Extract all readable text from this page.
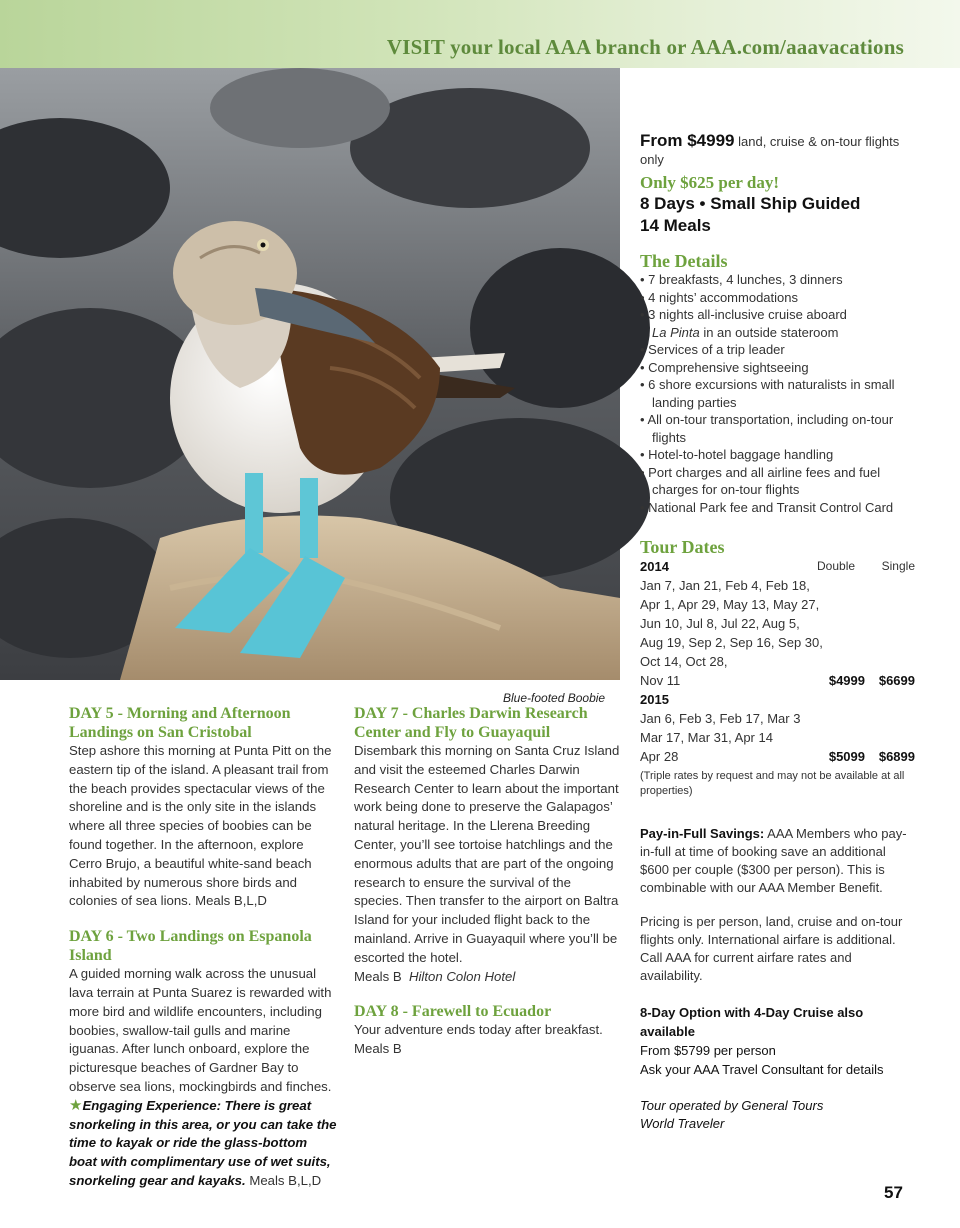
VISIT your local AAA branch or AAA.com/aaavacations
Blue-footed Boobie

DAY 5 - Morning and Afternoon Landings on San Cristobal

Step ashore this morning at Punta Pitt on the eastern tip of the island. A pleasant trail from the beach provides spectacular views of the shoreline and is the only site in the islands where all three species of boobies can be found together. In the afternoon, explore Cerro Brujo, a beautiful white-sand beach inhabited by numerous shore birds and colonies of sea lions. Meals B,L,D

DAY 6 - Two Landings on Espanola Island

A guided morning walk across the unusual lava terrain at Punta Suarez is rewarded with more bird and wildlife encounters, including boobies, swallow-tail gulls and marine iguanas. After lunch onboard, explore the picturesque beaches of Gardner Bay to observe sea lions, mockingbirds and finches. ★Engaging Experience: There is great snorkeling in this area, or you can take the time to kayak or ride the glass-bottom boat with complimentary use of wet suits, snorkeling gear and kayaks. Meals B,L,D

DAY 7 - Charles Darwin Research Center and Fly to Guayaquil

Disembark this morning on Santa Cruz Island and visit the esteemed Charles Darwin Research Center to learn about the important work being done to preserve the Galapagos’ natural heritage. In the Llerena Breeding Center, you’ll see tortoise hatchlings and the enormous adults that are part of the ongoing research to ensure the survival of the species. Then transfer to the airport on Baltra Island for your included flight back to the mainland. Arrive in Guayaquil where you’ll be escorted the hotel.

Meals B Hilton Colon Hotel

DAY 8 - Farewell to Ecuador

Your adventure ends today after breakfast.

Meals B

From $4999 land, cruise & on-tour flights only

Only $625 per day!

8 Days • Small Ship Guided

14 Meals

The Details

• 7 breakfasts, 4 lunches, 3 dinners
• 4 nights’ accommodations
• 3 nights all-inclusive cruise aboard
La Pinta in an outside stateroom
• Services of a trip leader
• Comprehensive sightseeing
• 6 shore excursions with naturalists in small landing parties
• All on-tour transportation, including on-tour flights
• Hotel-to-hotel baggage handling
• Port charges and all airline fees and fuel charges for on-tour flights
• National Park fee and Transit Control Card

Tour Dates

2014	Double	Single
Jan 7, Jan 21, Feb 4, Feb 18,
Apr 1, Apr 29, May 13, May 27,
Jun 10, Jul 8, Jul 22, Aug 5,
Aug 19, Sep 2, Sep 16, Sep 30,
Oct 14, Oct 28,
Nov 11	$4999	$6699
2015
Jan 6, Feb 3, Feb 17, Mar 3
Mar 17, Mar 31, Apr 14
Apr 28	$5099	$6899

(Triple rates by request and may not be available at all properties)

Pay-in-Full Savings: AAA Members who pay-in-full at time of booking save an additional $600 per couple ($300 per person). This is combinable with our AAA Member Benefit.

Pricing is per person, land, cruise and on-tour flights only. International airfare is additional. Call AAA for current airfare rates and availability.

8-Day Option with 4-Day Cruise also available

From $5799 per person

Ask your AAA Travel Consultant for details

Tour operated by General Tours World Traveler

57
